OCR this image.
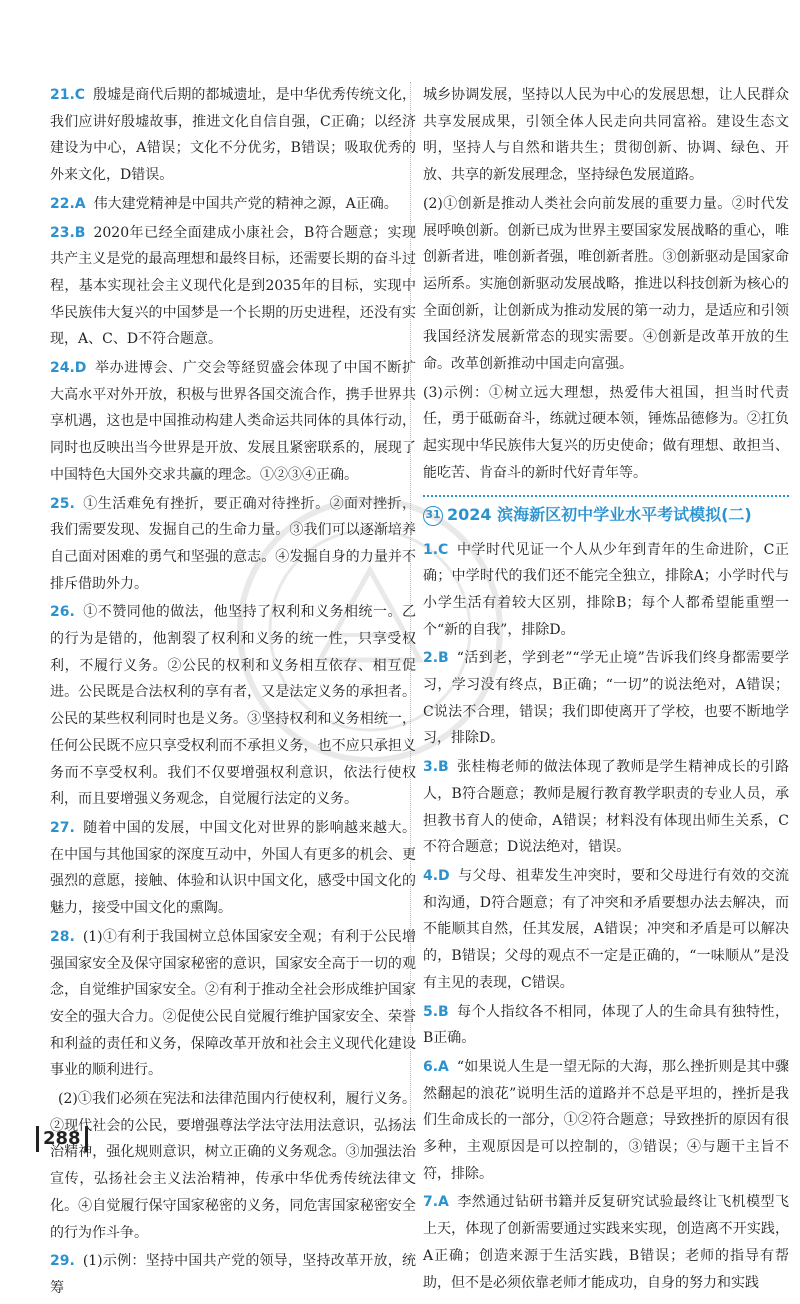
21.C 殷墟是商代后期的都城遗址，是中华优秀传统文化，我们应讲好殷墟故事，推进文化自信自强，C正确；以经济建设为中心，A错误；文化不分优劣，B错误；吸取优秀的外来文化，D错误。

22.A 伟大建党精神是中国共产党的精神之源，A正确。

23.B 2020年已经全面建成小康社会，B符合题意；实现共产主义是党的最高理想和最终目标，还需要长期的奋斗过程，基本实现社会主义现代化是到2035年的目标，实现中华民族伟大复兴的中国梦是一个长期的历史进程，还没有实现，A、C、D不符合题意。

24.D 举办进博会、广交会等経贸盛会体现了中国不断扩大高水平对外开放，积极与世界各国交流合作，携手世界共享机遇，这也是中国推动构建人类命运共同体的具体行动，同时也反映出当今世界是开放、发展且紧密联系的，展现了中国特色大国外交求共赢的理念。①②③④正确。

25. ①生活难免有挫折，要正确对待挫折。②面对挫折，我们需要发现、发掘自己的生命力量。③我们可以逐渐培养自己面对困难的勇气和坚强的意志。④发掘自身的力量并不排斥借助外力。

26. ①不赞同他的做法，他坚持了权利和义务相统一。乙的行为是错的，他割裂了权利和义务的统一性，只享受权利，不履行义务。②公民的权利和义务相互依存、相互促进。公民既是合法权利的享有者，又是法定义务的承担者。公民的某些权利同时也是义务。③坚持权利和义务相统一，任何公民既不应只享受权利而不承担义务，也不应只承担义务而不享受权利。我们不仅要增强权利意识，依法行使权利，而且要增强义务观念，自觉履行法定的义务。

27. 随着中国的发展，中国文化对世界的影响越来越大。在中国与其他国家的深度互动中，外国人有更多的机会、更强烈的意愿，接触、体验和认识中国文化，感受中国文化的魅力，接受中国文化的熏陶。

28. (1)①有利于我国树立总体国家安全观；有利于公民增强国家安全及保守国家秘密的意识，国家安全高于一切的观念，自觉维护国家安全。②有利于推动全社会形成维护国家安全的强大合力。②促使公民自觉履行维护国家安全、荣誉和利益的责任和义务，保障改革开放和社会主义现代化建设事业的顺利进行。

(2)①我们必须在宪法和法律范围内行使权利，履行义务。②现代社会的公民，要增强尊法学法守法用法意识，弘扬法治精神，强化规则意识，树立正确的义务观念。③加强法治宣传，弘扬社会主义法治精神，传承中华优秀传统法律文化。④自觉履行保守国家秘密的义务，同危害国家秘密安全的行为作斗争。

29. (1)示例：坚持中国共产党的领导，坚持改革开放，统筹

城乡协调发展，坚持以人民为中心的发展思想，让人民群众共享发展成果，引领全体人民走向共同富裕。建设生态文明，坚持人与自然和谐共生；贯彻创新、协调、绿色、开放、共享的新发展理念，坚持绿色发展道路。

(2)①创新是推动人类社会向前发展的重要力量。②时代发展呼唤创新。创新已成为世界主要国家发展战略的重心，唯创新者进，唯创新者强，唯创新者胜。③创新驱动是国家命运所系。实施创新驱动发展战略，推进以科技创新为核心的全面创新，让创新成为推动发展的第一动力，是适应和引领我国经济发展新常态的现实需要。④创新是改革开放的生命。改革创新推动中国走向富强。

(3)示例：①树立远大理想，热爱伟大祖国，担当时代责任，勇于砥砺奋斗，练就过硬本领，锤炼品德修为。②扛负起实现中华民族伟大复兴的历史使命；做有理想、敢担当、能吃苦、肯奋斗的新时代好青年等。

31 2024 滨海新区初中学业水平考试模拟(二)

1.C 中学时代见证一个人从少年到青年的生命进阶，C正确；中学时代的我们还不能完全独立，排除A；小学时代与小学生活有着较大区别，排除B；每个人都希望能重塑一个“新的自我”，排除D。

2.B “活到老，学到老”“学无止境”告诉我们终身都需要学习，学习没有终点，B正确；“一切”的说法绝对，A错误；C说法不合理，错误；我们即使离开了学校，也要不断地学习，排除D。

3.B 张桂梅老师的做法体现了教师是学生精神成长的引路人，B符合题意；教师是履行教育教学职责的专业人员，承担教书育人的使命，A错误；材料没有体现出师生关系，C不符合题意；D说法绝对，错误。

4.D 与父母、祖辈发生冲突时，要和父母进行有效的交流和沟通，D符合题意；有了冲突和矛盾要想办法去解决，而不能顺其自然，任其发展，A错误；冲突和矛盾是可以解决的，B错误；父母的观点不一定是正确的，“一味顺从”是没有主见的表现，C错误。

5.B 每个人指纹各不相同，体现了人的生命具有独特性，B正确。

6.A “如果说人生是一望无际的大海，那么挫折则是其中骤然翻起的浪花”说明生活的道路并不总是平坦的，挫折是我们生命成长的一部分，①②符合题意；导致挫折的原因有很多种，主观原因是可以控制的，③错误；④与题干主旨不符，排除。

7.A 李然通过钻研书籍并反复研究试验最终让飞机模型飞上天，体现了创新需要通过实践来实现，创造离不开实践，A正确；创造来源于生活实践，B错误；老师的指导有帮助，但不是必须依靠老师才能成功，自身的努力和实践

288
